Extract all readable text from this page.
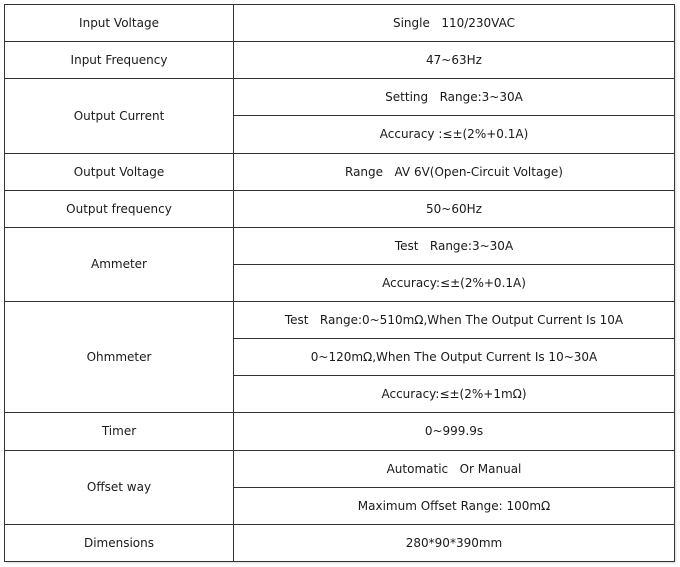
Input Voltage	Single   110/230VAC
Input Frequency	47~63Hz
Output Current	Setting   Range:3~30A
	Accuracy :≤±(2%+0.1A)
Output Voltage	Range   AV 6V(Open-Circuit Voltage)
Output frequency	50~60Hz
Ammeter	Test   Range:3~30A
	Accuracy:≤±(2%+0.1A)
Ohmmeter	Test   Range:0~510mΩ,When The Output Current Is 10A
	0~120mΩ,When The Output Current Is 10~30A
	Accuracy:≤±(2%+1mΩ)
Timer	0~999.9s
Offset way	Automatic   Or Manual
	Maximum Offset Range: 100mΩ
Dimensions	280*90*390mm
